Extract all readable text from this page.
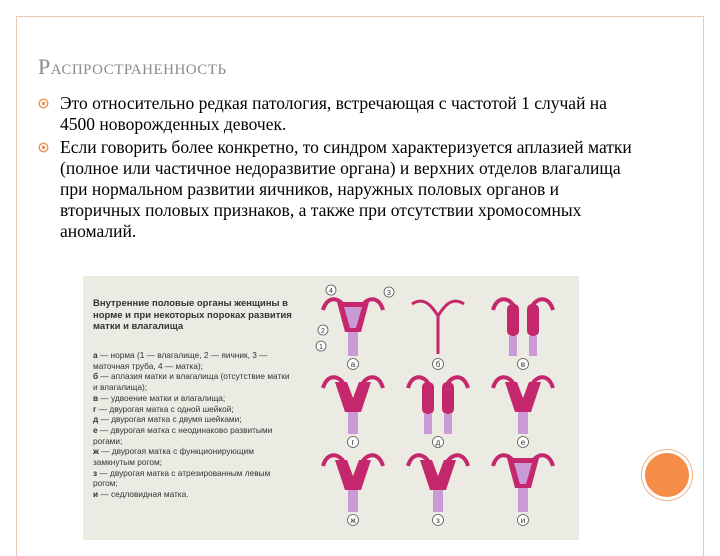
Распространенность
Это относительно редкая патология, встречающая с частотой 1 случай на 4500 новорожденных девочек.
Если говорить более конкретно, то синдром характеризуется аплазией матки (полное или частичное недоразвитие органа) и верхних отделов влагалища при нормальном развитии яичников, наружных половых органов и вторичных половых признаков, а также при отсутствии хромосомных аномалий.
Внутренние половые органы женщины в норме и при некоторых пороках развития матки и влагалища
а — норма (1 — влагалище, 2 — яичник, 3 — маточная труба, 4 — матка);
б — аплазия матки и влагалища (отсутствие матки и влагалища);
в — удвоение матки и влагалища;
г — двурогая матка с одной шейкой;
д — двурогая матка с двумя шейками;
е — двурогая матка с неодинаково развитыми рогами;
ж — двурогая матка с функционирующим замкнутым рогом;
з — двурогая матка с атрезированным левым рогом;
и — седловидная матка.
а	б	в
г	д	е
ж	з	и
1
2
3
4
